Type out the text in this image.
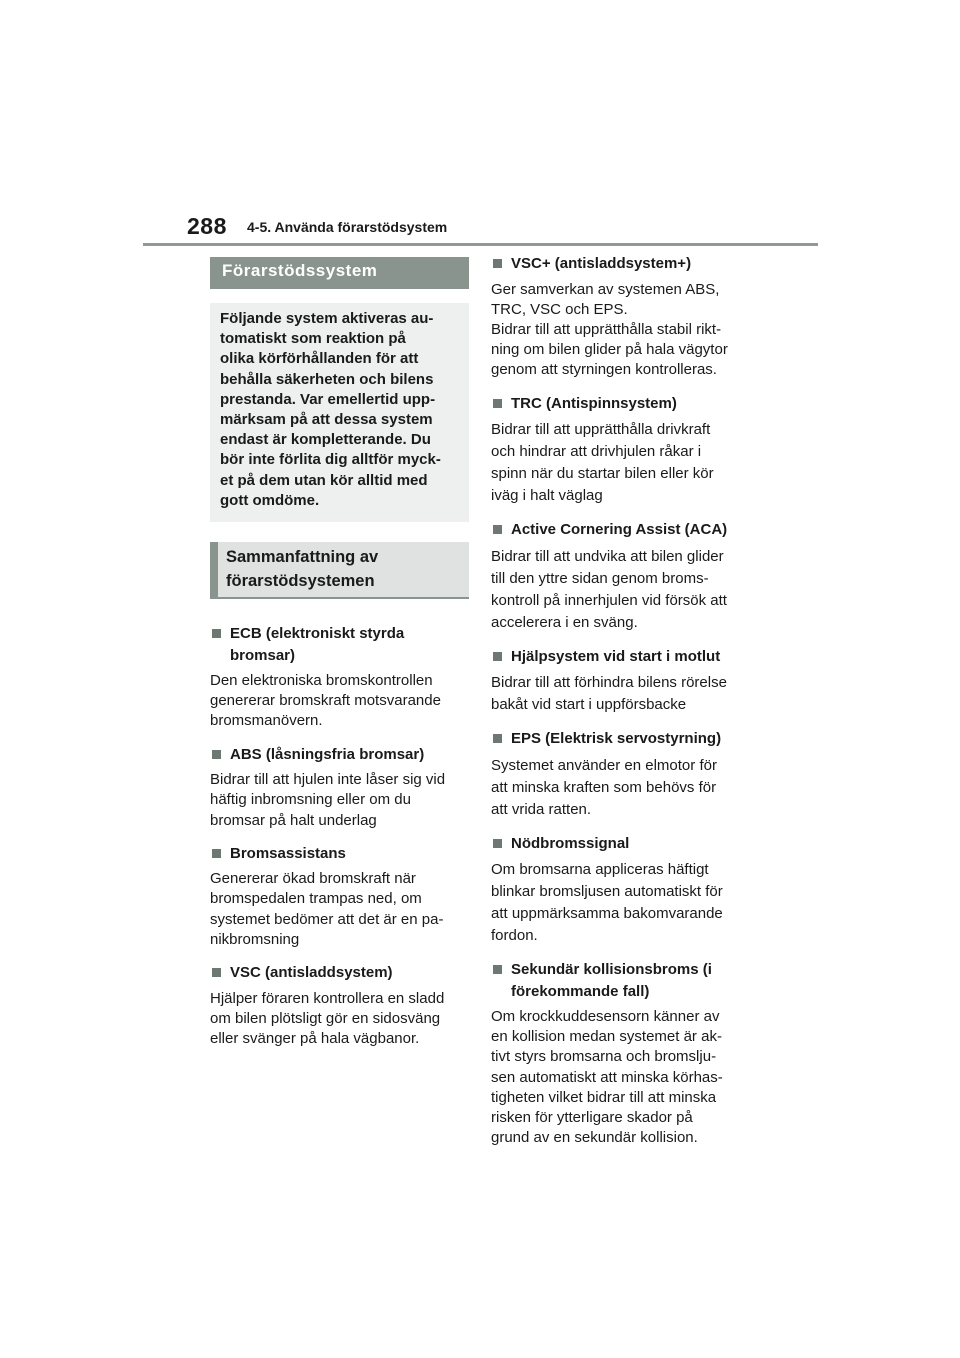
288 4-5. Använda förarstödsystem
Förarstödssystem
Följande system aktiveras au-
tomatiskt som reaktion på
olika körförhållanden för att
behålla säkerheten och bilens
prestanda. Var emellertid upp-
märksam på att dessa system
endast är kompletterande. Du
bör inte förlita dig alltför myck-
et på dem utan kör alltid med
gott omdöme.
Sammanfattning av
förarstödsystemen
ECB (elektroniskt styrda
bromsar)
Den elektroniska bromskontrollen
genererar bromskraft motsvarande
bromsmanövern.
ABS (låsningsfria bromsar)
Bidrar till att hjulen inte låser sig vid
häftig inbromsning eller om du
bromsar på halt underlag
Bromsassistans
Genererar ökad bromskraft när
bromspedalen trampas ned, om
systemet bedömer att det är en pa-
nikbromsning
VSC (antisladdsystem)
Hjälper föraren kontrollera en sladd
om bilen plötsligt gör en sidosväng
eller svänger på hala vägbanor.
VSC+ (antisladdsystem+)
Ger samverkan av systemen ABS,
TRC, VSC och EPS.
Bidrar till att upprätthålla stabil rikt-
ning om bilen glider på hala vägytor
genom att styrningen kontrolleras.
TRC (Antispinnsystem)
Bidrar till att upprätthålla drivkraft
och hindrar att drivhjulen råkar i
spinn när du startar bilen eller kör
iväg i halt väglag
Active Cornering Assist (ACA)
Bidrar till att undvika att bilen glider
till den yttre sidan genom broms-
kontroll på innerhjulen vid försök att
accelerera i en sväng.
Hjälpsystem vid start i motlut
Bidrar till att förhindra bilens rörelse
bakåt vid start i uppförsbacke
EPS (Elektrisk servostyrning)
Systemet använder en elmotor för
att minska kraften som behövs för
att vrida ratten.
Nödbromssignal
Om bromsarna appliceras häftigt
blinkar bromsljusen automatiskt för
att uppmärksamma bakomvarande
fordon.
Sekundär kollisionsbroms (i
förekommande fall)
Om krockkuddesensorn känner av
en kollision medan systemet är ak-
tivt styrs bromsarna och bromslju-
sen automatiskt att minska körhas-
tigheten vilket bidrar till att minska
risken för ytterligare skador på
grund av en sekundär kollision.
